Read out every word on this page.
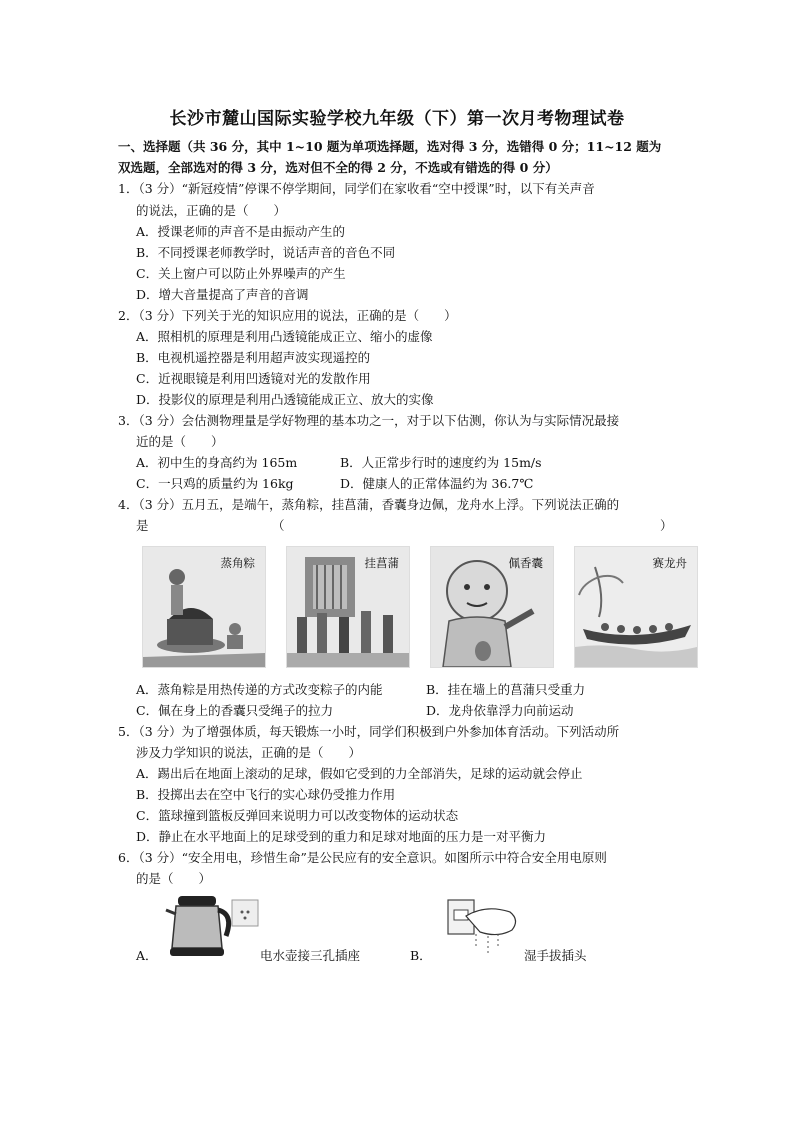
长沙市麓山国际实验学校九年级（下）第一次月考物理试卷
一、选择题（共 36 分，其中 1~10 题为单项选择题，选对得 3 分，选错得 0 分；11~12 题为
双选题，全部选对的得 3 分，选对但不全的得 2 分，不选或有错选的得 0 分）
1．（3 分）“新冠疫情”停课不停学期间，同学们在家收看“空中授课”时，以下有关声音
的说法，正确的是（　　）
A．授课老师的声音不是由振动产生的
B．不同授课老师教学时，说话声音的音色不同
C．关上窗户可以防止外界噪声的产生
D．增大音量提高了声音的音调
2．（3 分）下列关于光的知识应用的说法，正确的是（　　）
A．照相机的原理是利用凸透镜能成正立、缩小的虚像
B．电视机遥控器是利用超声波实现遥控的
C．近视眼镜是利用凹透镜对光的发散作用
D．投影仪的原理是利用凸透镜能成正立、放大的实像
3．（3 分）会估测物理量是学好物理的基本功之一，对于以下估测，你认为与实际情况最接
近的是（　　）
A．初中生的身高约为 165m	B．人正常步行时的速度约为 15m/s
C．一只鸡的质量约为 16kg	D．健康人的正常体温约为 36.7℃
4．（3 分）五月五，是端午，蒸角粽，挂菖蒲，香囊身边佩，龙舟水上浮。下列说法正确的
是	（	）
蒸角粽	挂菖蒲	佩香囊	赛龙舟
A．蒸角粽是用热传递的方式改变粽子的内能	B．挂在墙上的菖蒲只受重力
C．佩在身上的香囊只受绳子的拉力	D．龙舟依靠浮力向前运动
5．（3 分）为了增强体质，每天锻炼一小时，同学们积极到户外参加体育活动。下列活动所
涉及力学知识的说法，正确的是（　　）
A．踢出后在地面上滚动的足球，假如它受到的力全部消失，足球的运动就会停止
B．投掷出去在空中飞行的实心球仍受推力作用
C．篮球撞到篮板反弹回来说明力可以改变物体的运动状态
D．静止在水平地面上的足球受到的重力和足球对地面的压力是一对平衡力
6．（3 分）“安全用电，珍惜生命”是公民应有的安全意识。如图所示中符合安全用电原则
的是（　　）
A．	电水壶接三孔插座	B．	湿手拔插头
